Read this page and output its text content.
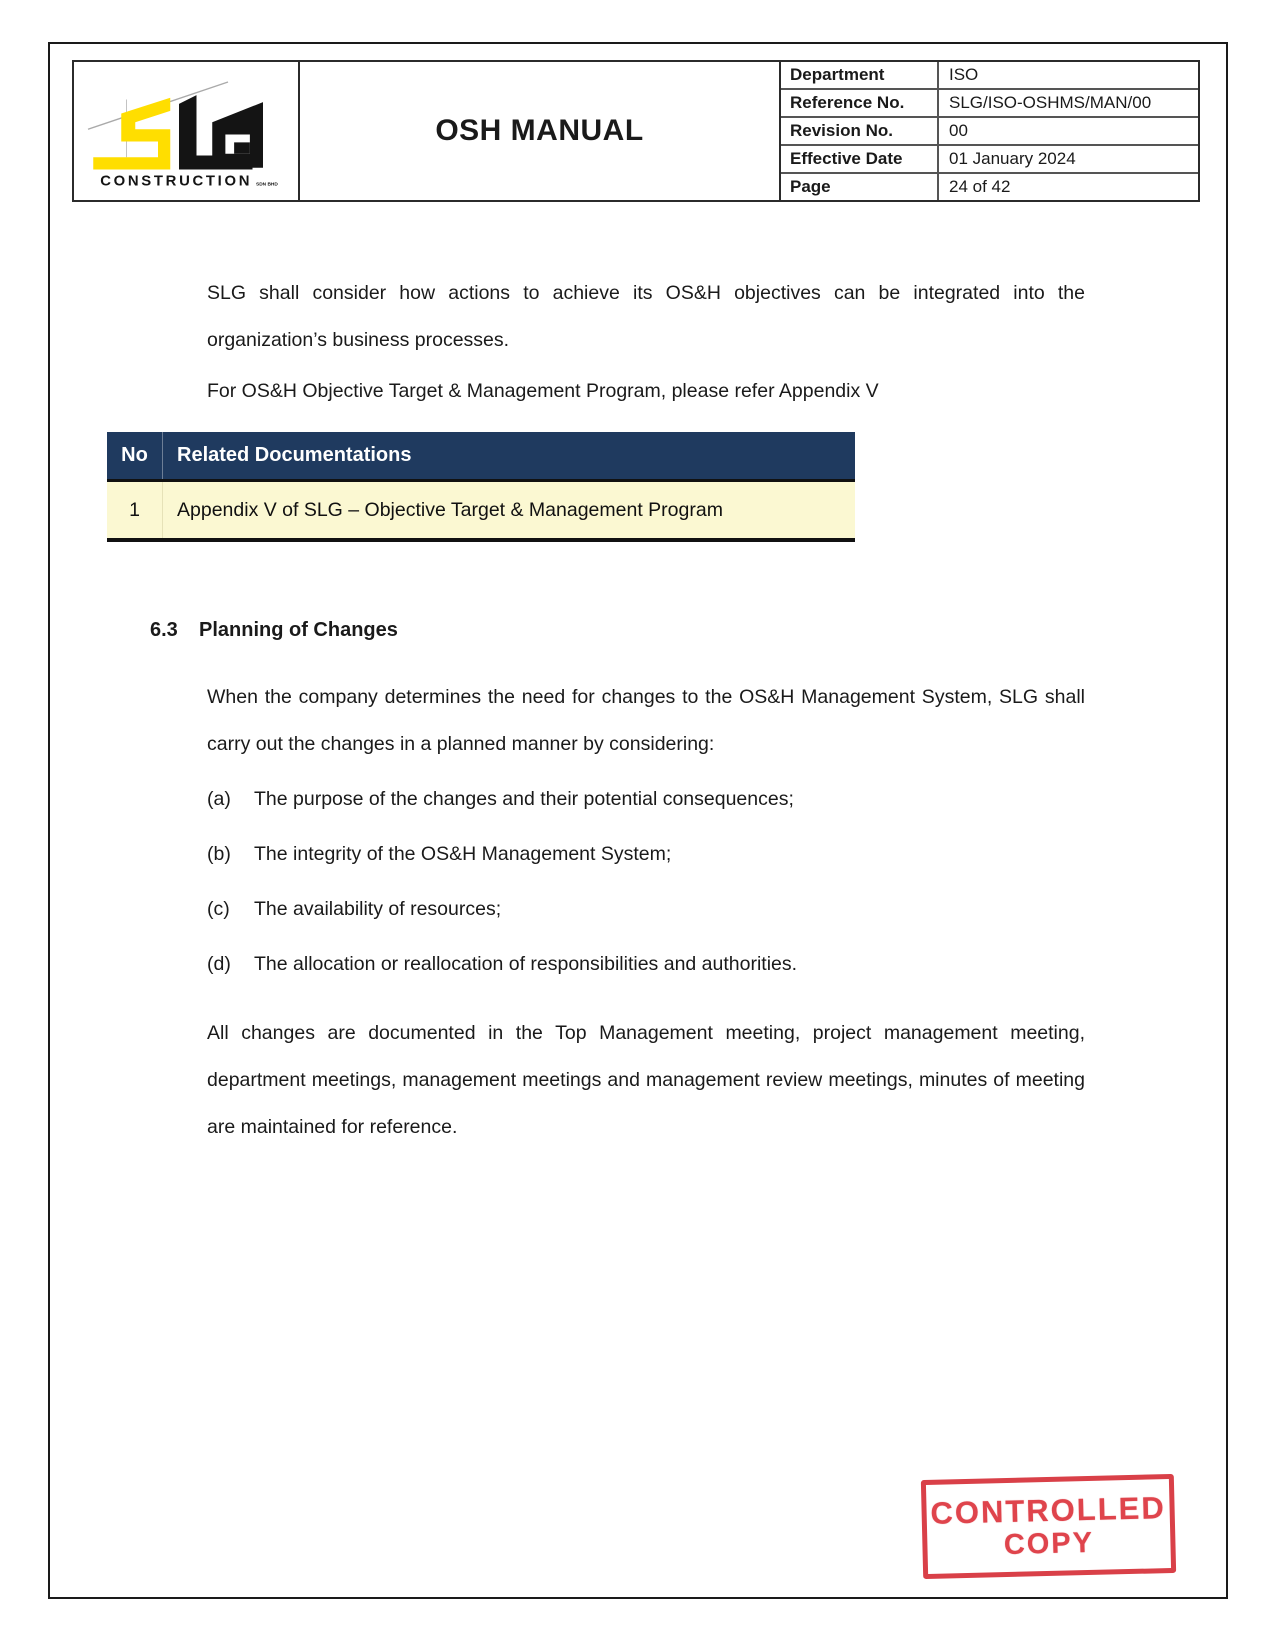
CONSTRUCTION SDN BHD
OSH MANUAL
Department	ISO
Reference No.	SLG/ISO-OSHMS/MAN/00
Revision No.	00
Effective Date	01 January 2024
Page	24 of 42

SLG shall consider how actions to achieve its OS&H objectives can be integrated into the organization’s business processes.

For OS&H Objective Target & Management Program, please refer Appendix V

No	Related Documentations
1	Appendix V of SLG – Objective Target & Management Program
6.3	Planning of Changes

When the company determines the need for changes to the OS&H Management System, SLG shall carry out the changes in a planned manner by considering:

(a)	The purpose of the changes and their potential consequences;
(b)	The integrity of the OS&H Management System;
(c)	The availability of resources;
(d)	The allocation or reallocation of responsibilities and authorities.

All changes are documented in the Top Management meeting, project management meeting, department meetings, management meetings and management review meetings, minutes of meeting are maintained for reference.

CONTROLLED
COPY
